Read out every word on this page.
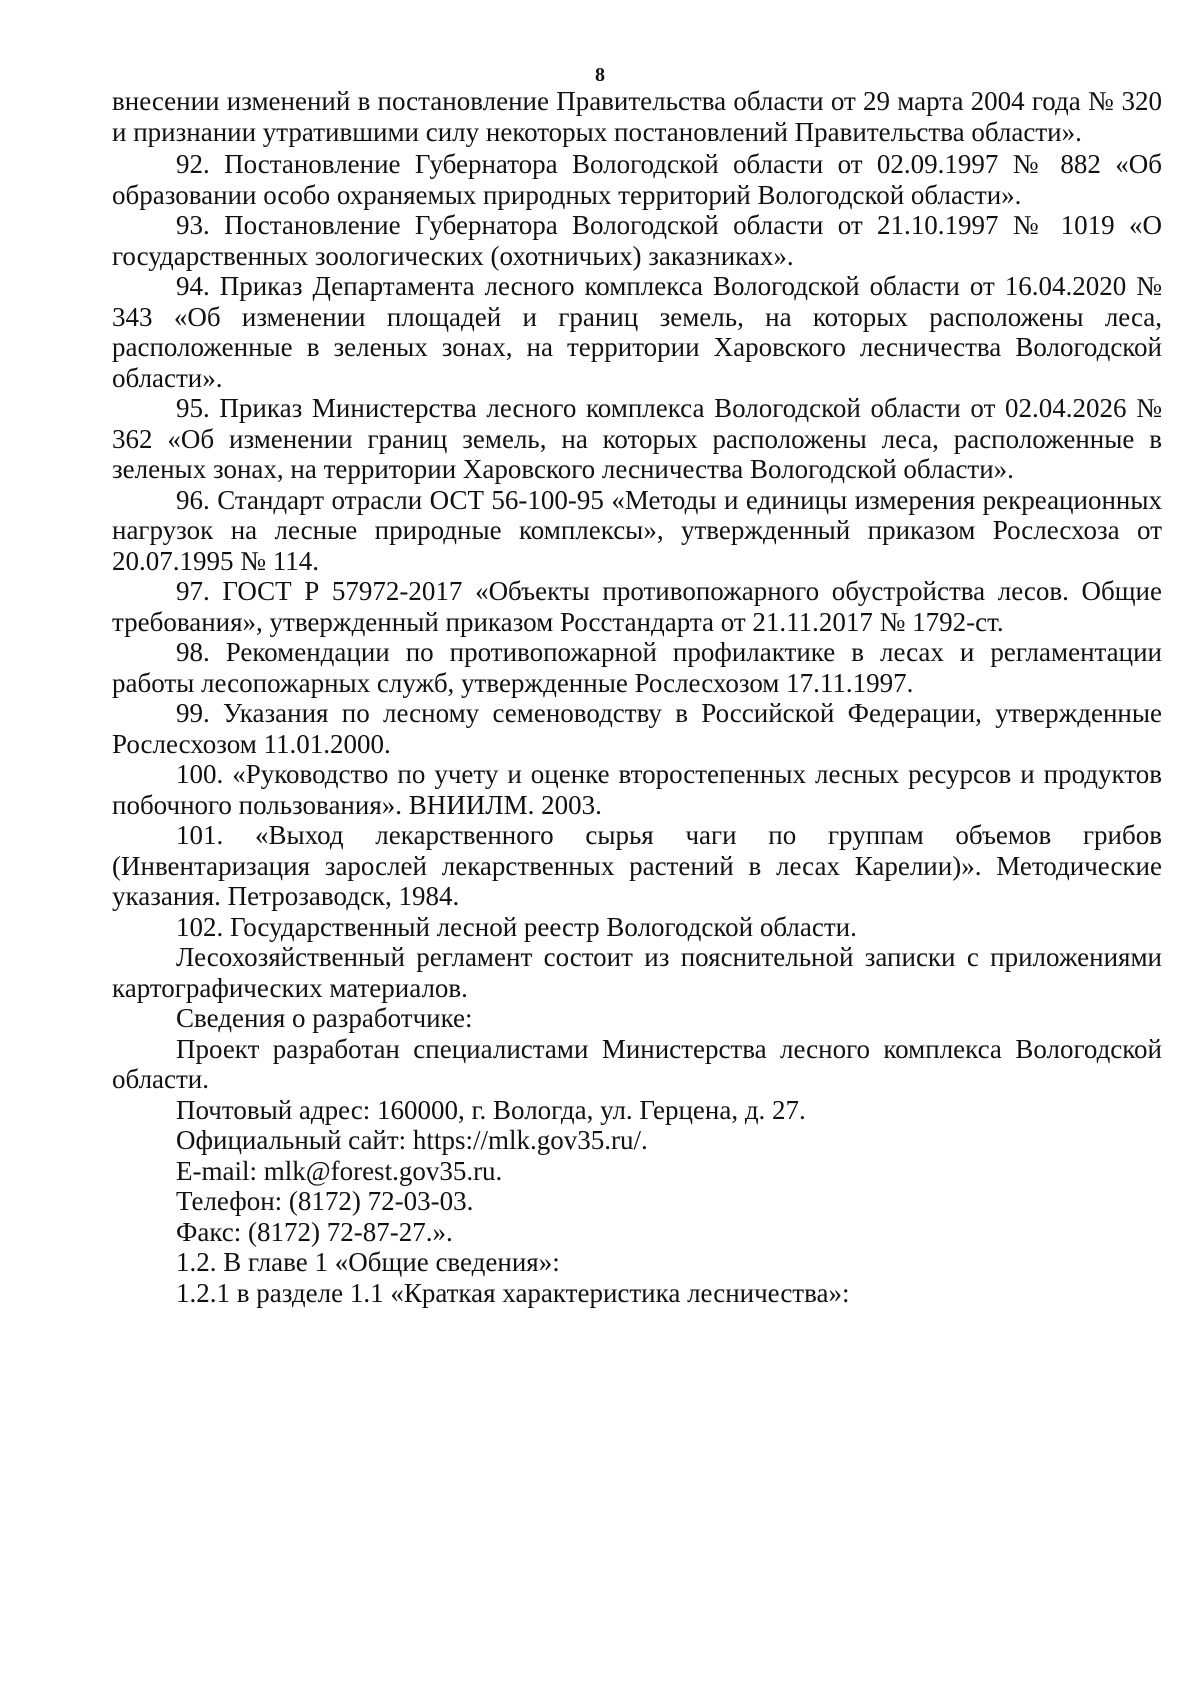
8

внесении изменений в постановление Правительства области от 29 марта 2004 года № 320 и признании утратившими силу некоторых постановлений Правительства области».

92. Постановление Губернатора Вологодской области от 02.09.1997 № 882 «Об образовании особо охраняемых природных территорий Вологодской области».

93. Постановление Губернатора Вологодской области от 21.10.1997 № 1019 «О государственных зоологических (охотничьих) заказниках».

94. Приказ Департамента лесного комплекса Вологодской области от 16.04.2020 № 343 «Об изменении площадей и границ земель, на которых расположены леса, расположенные в зеленых зонах, на территории Харовского лесничества Вологодской области».

95. Приказ Министерства лесного комплекса Вологодской области от 02.04.2026 № 362 «Об изменении границ земель, на которых расположены леса, расположенные в зеленых зонах, на территории Харовского лесничества Вологодской области».

96. Стандарт отрасли ОСТ 56-100-95 «Методы и единицы измерения рекреационных нагрузок на лесные природные комплексы», утвержденный приказом Рослесхоза от 20.07.1995 № 114.

97. ГОСТ Р 57972-2017 «Объекты противопожарного обустройства лесов. Общие требования», утвержденный приказом Росстандарта от 21.11.2017 № 1792-ст.

98. Рекомендации по противопожарной профилактике в лесах и регламентации работы лесопожарных служб, утвержденные Рослесхозом 17.11.1997.

99. Указания по лесному семеноводству в Российской Федерации, утвержденные Рослесхозом 11.01.2000.

100. «Руководство по учету и оценке второстепенных лесных ресурсов и продуктов побочного пользования». ВНИИЛМ. 2003.

101. «Выход лекарственного сырья чаги по группам объемов грибов (Инвентаризация зарослей лекарственных растений в лесах Карелии)». Методические указания. Петрозаводск, 1984.

102. Государственный лесной реестр Вологодской области.

Лесохозяйственный регламент состоит из пояснительной записки с приложениями картографических материалов.

Сведения о разработчике:

Проект разработан специалистами Министерства лесного комплекса Вологодской области.

Почтовый адрес: 160000, г. Вологда, ул. Герцена, д. 27.

Официальный сайт: https://mlk.gov35.ru/.

E-mail: mlk@forest.gov35.ru.

Телефон: (8172) 72-03-03.

Факс: (8172) 72-87-27.».

1.2. В главе 1 «Общие сведения»:

1.2.1 в разделе 1.1 «Краткая характеристика лесничества»:
